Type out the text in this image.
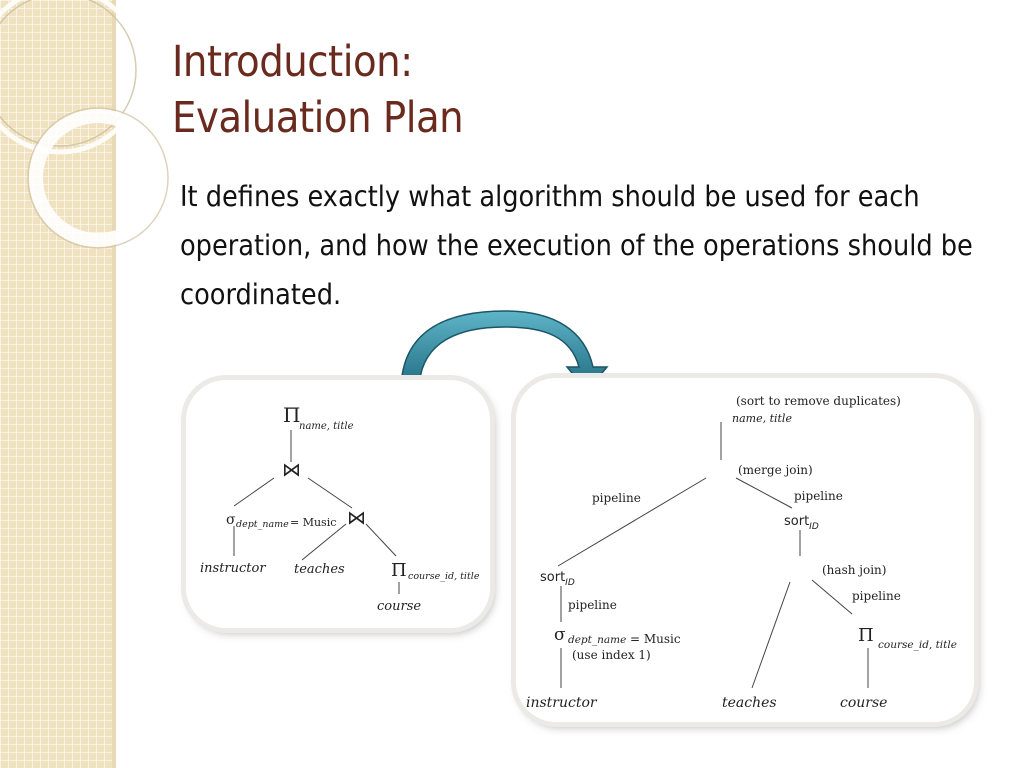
Introduction:
Evaluation Plan

It defines exactly what algorithm should be used for each operation, and how the execution of the operations should be coordinated.

Π
name, title
⋈
σ dept_name = Music ⋈
instructor teaches	Π course_id, title
course
(sort to remove duplicates)
name, title
(merge join)
pipeline	pipeline
sort$_{ID}$
(hash join)
sort$_{ID}$
pipeline
pipeline
σ dept_name = Music
(use index 1)
Π course_id, title
instructor	teaches	course
